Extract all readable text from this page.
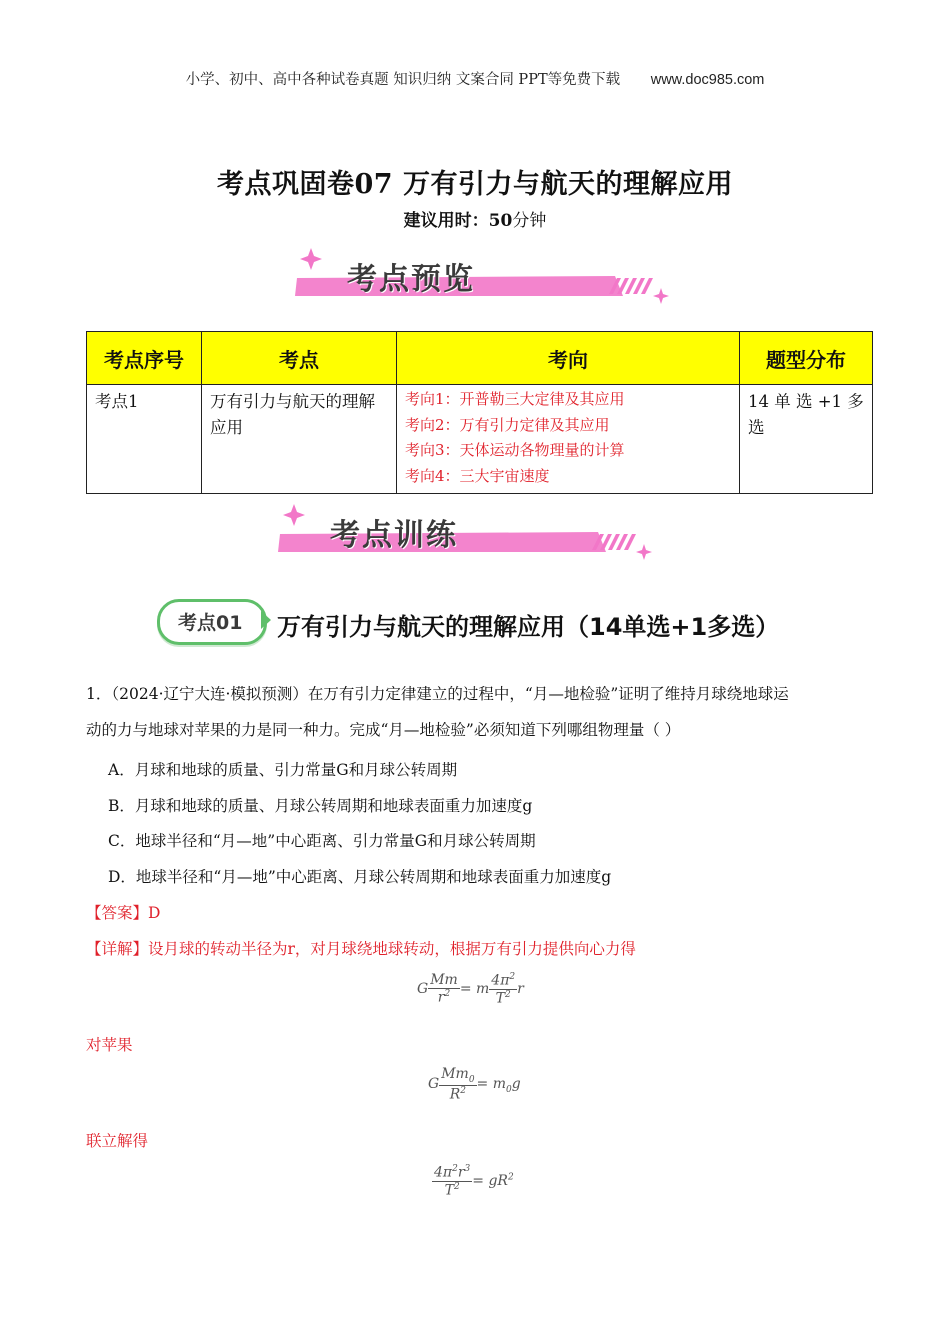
小学、初中、高中各种试卷真题 知识归纳 文案合同 PPT等免费下载 www.doc985.com
考点巩固卷07 万有引力与航天的理解应用
建议用时：50分钟
考点预览
考点序号	考点	考向	题型分布
考点1	万有引力与航天的理解应用	考向1：开普勒三大定律及其应用
考向2：万有引力定律及其应用
考向3：天体运动各物理量的计算
考向4：三大宇宙速度	14 单 选 +1 多选
考点训练
考点01 万有引力与航天的理解应用（14单选+1多选）
1．（2024·辽宁大连·模拟预测）在万有引力定律建立的过程中，“月—地检验”证明了维持月球绕地球运
动的力与地球对苹果的力是同一种力。完成“月—地检验”必须知道下列哪组物理量（ ）
A．月球和地球的质量、引力常量G和月球公转周期
B．月球和地球的质量、月球公转周期和地球表面重力加速度g
C．地球半径和“月—地”中心距离、引力常量G和月球公转周期
D．地球半径和“月—地”中心距离、月球公转周期和地球表面重力加速度g
【答案】D
【详解】设月球的转动半径为r，对月球绕地球转动，根据万有引力提供向心力得
G $\frac{Mm}{r^2} = m \frac{4\pi^2}{T^2}$ r
对苹果
G $\frac{Mm_0}{R^2} = m_0g$
联立解得
$\frac{4\pi^2r^3}{T^2} = gR^2$
